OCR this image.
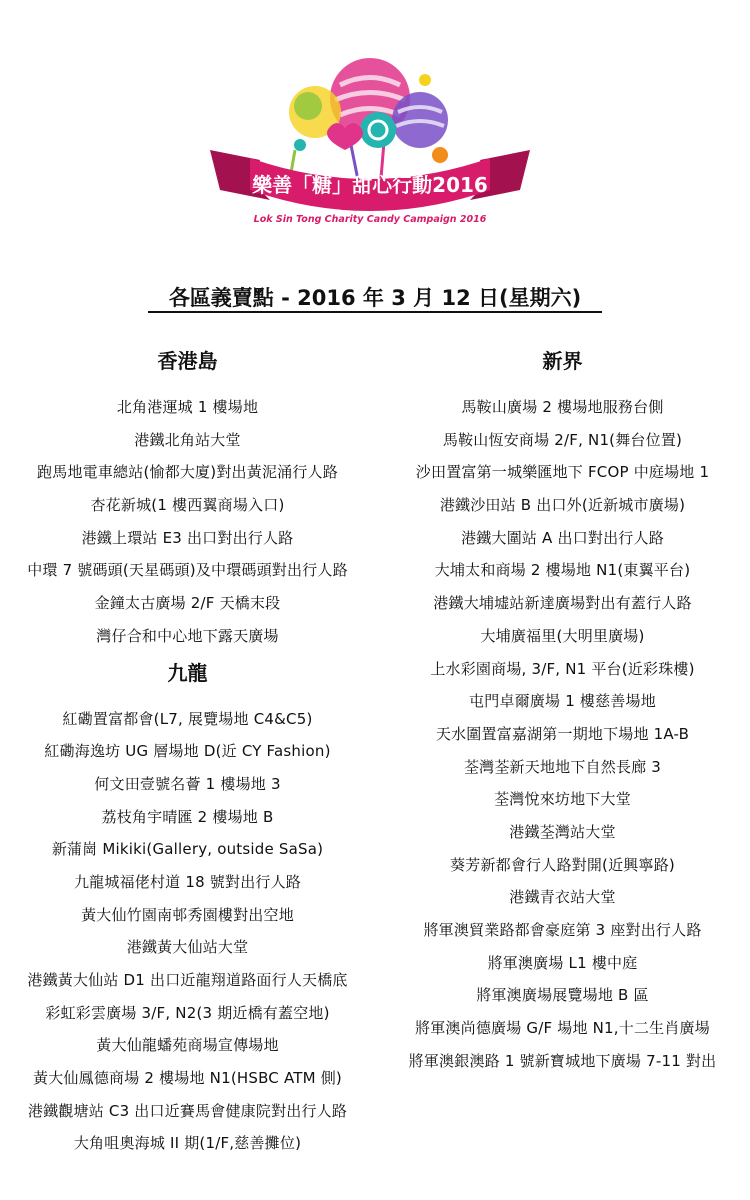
樂善「糖」甜心行動2016
Lok Sin Tong Charity Candy Campaign 2016
各區義賣點 - 2016 年 3 月 12 日(星期六)
香港島
北角港運城 1 樓場地
港鐵北角站大堂
跑馬地電車總站(愉都大廈)對出黃泥涌行人路
杏花新城(1 樓西翼商場入口)
港鐵上環站 E3 出口對出行人路
中環 7 號碼頭(天星碼頭)及中環碼頭對出行人路
金鐘太古廣場 2/F 天橋末段
灣仔合和中心地下露天廣場
九龍
紅磡置富都會(L7, 展覽場地 C4&C5)
紅磡海逸坊 UG 層場地 D(近 CY Fashion)
何文田壹號名薈 1 樓場地 3
荔枝角宇晴匯 2 樓場地 B
新蒲崗 Mikiki(Gallery, outside SaSa)
九龍城福佬村道 18 號對出行人路
黃大仙竹園南邨秀園樓對出空地
港鐵黃大仙站大堂
港鐵黃大仙站 D1 出口近龍翔道路面行人天橋底
彩虹彩雲廣場 3/F, N2(3 期近橋有蓋空地)
黃大仙龍蟠苑商場宣傳場地
黃大仙鳳德商場 2 樓場地 N1(HSBC ATM 側)
港鐵觀塘站 C3 出口近賽馬會健康院對出行人路
大角咀奧海城 II 期(1/F,慈善攤位)
新界
馬鞍山廣場 2 樓場地服務台側
馬鞍山恆安商場 2/F, N1(舞台位置)
沙田置富第一城樂匯地下 FCOP 中庭場地 1
港鐵沙田站 B 出口外(近新城市廣場)
港鐵大圍站 A 出口對出行人路
大埔太和商場 2 樓場地 N1(東翼平台)
港鐵大埔墟站新達廣場對出有蓋行人路
大埔廣福里(大明里廣場)
上水彩園商場, 3/F, N1 平台(近彩珠樓)
屯門卓爾廣場 1 樓慈善場地
天水圍置富嘉湖第一期地下場地 1A-B
荃灣荃新天地地下自然長廊 3
荃灣悅來坊地下大堂
港鐵荃灣站大堂
葵芳新都會行人路對開(近興寧路)
港鐵青衣站大堂
將軍澳貿業路都會豪庭第 3 座對出行人路
將軍澳廣場 L1 樓中庭
將軍澳廣場展覽場地 B 區
將軍澳尚德廣場 G/F 場地 N1,十二生肖廣場
將軍澳銀澳路 1 號新寶城地下廣場 7-11 對出
